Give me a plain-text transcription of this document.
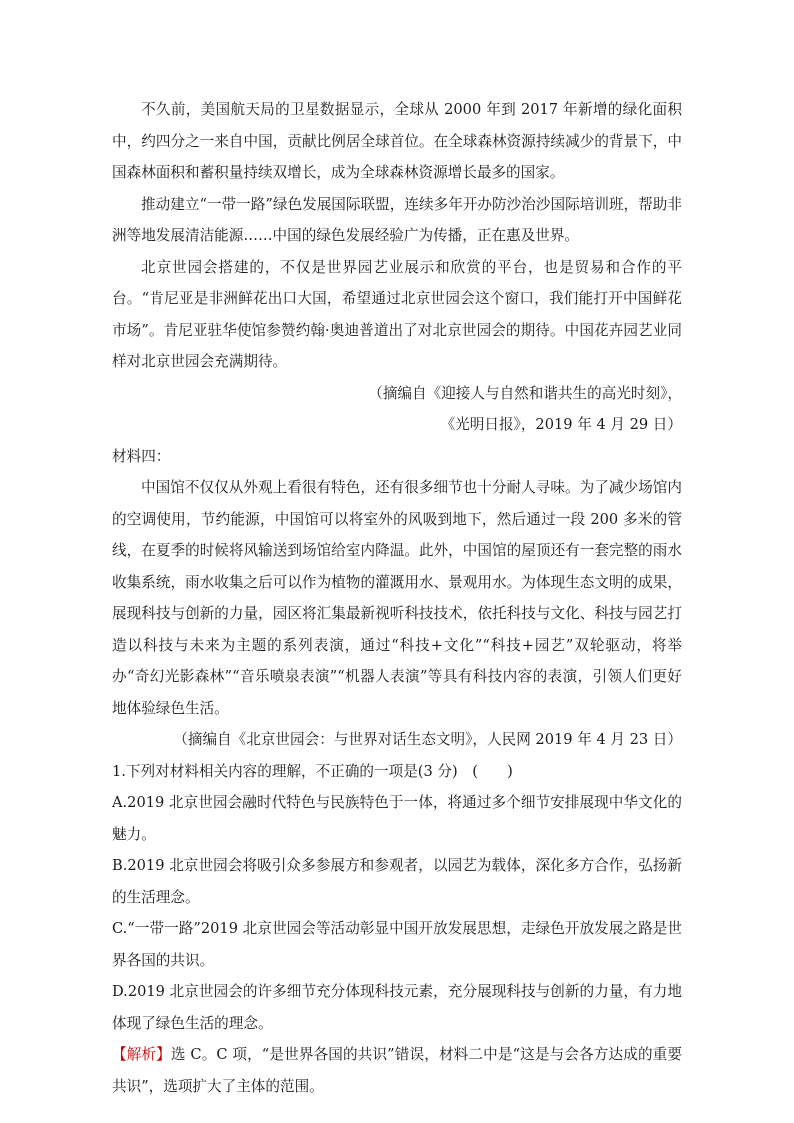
不久前，美国航天局的卫星数据显示，全球从 2000 年到 2017 年新增的绿化面积中，约四分之一来自中国，贡献比例居全球首位。在全球森林资源持续减少的背景下，中国森林面积和蓄积量持续双增长，成为全球森林资源增长最多的国家。

推动建立“一带一路”绿色发展国际联盟，连续多年开办防沙治沙国际培训班，帮助非洲等地发展清洁能源……中国的绿色发展经验广为传播，正在惠及世界。

北京世园会搭建的，不仅是世界园艺业展示和欣赏的平台，也是贸易和合作的平台。“肯尼亚是非洲鲜花出口大国，希望通过北京世园会这个窗口，我们能打开中国鲜花市场”。肯尼亚驻华使馆参赞约翰·奥迪普道出了对北京世园会的期待。中国花卉园艺业同样对北京世园会充满期待。

（摘编自《迎接人与自然和谐共生的高光时刻》，

《光明日报》，2019 年 4 月 29 日）

材料四：

中国馆不仅仅从外观上看很有特色，还有很多细节也十分耐人寻味。为了减少场馆内的空调使用，节约能源，中国馆可以将室外的风吸到地下，然后通过一段 200 多米的管线，在夏季的时候将风输送到场馆给室内降温。此外，中国馆的屋顶还有一套完整的雨水收集系统，雨水收集之后可以作为植物的灌溉用水、景观用水。为体现生态文明的成果，展现科技与创新的力量，园区将汇集最新视听科技技术，依托科技与文化、科技与园艺打造以科技与未来为主题的系列表演，通过“科技+文化”“科技+园艺”双轮驱动，将举办“奇幻光影森林”“音乐喷泉表演”“机器人表演”等具有科技内容的表演，引领人们更好地体验绿色生活。

（摘编自《北京世园会：与世界对话生态文明》，人民网 2019 年 4 月 23 日）

1.下列对材料相关内容的理解，不正确的一项是(3 分)　(　　)

A.2019 北京世园会融时代特色与民族特色于一体，将通过多个细节安排展现中华文化的魅力。

B.2019 北京世园会将吸引众多参展方和参观者，以园艺为载体，深化多方合作，弘扬新的生活理念。

C.“一带一路”2019 北京世园会等活动彰显中国开放发展思想，走绿色开放发展之路是世界各国的共识。

D.2019 北京世园会的许多细节充分体现科技元素，充分展现科技与创新的力量，有力地体现了绿色生活的理念。

【解析】选 C。C 项，“是世界各国的共识”错误，材料二中是“这是与会各方达成的重要共识”，选项扩大了主体的范围。
